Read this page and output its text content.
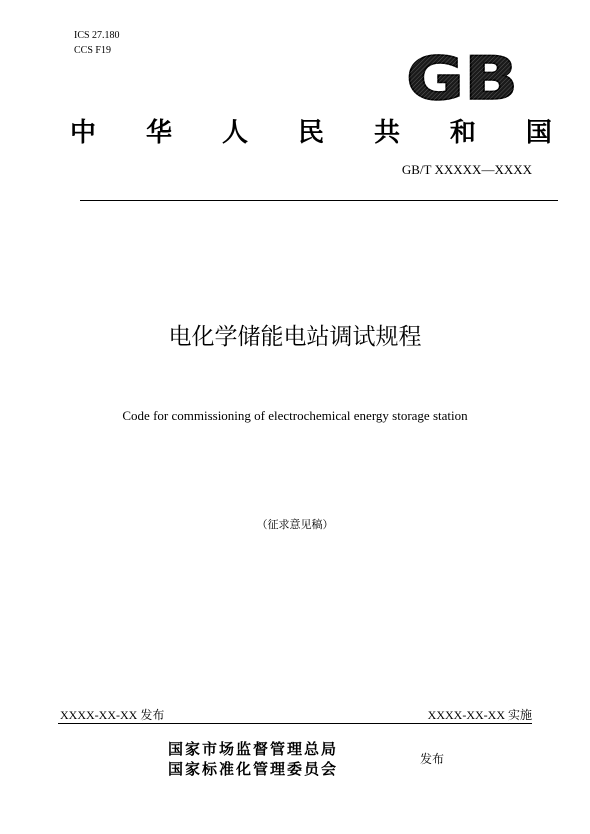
ICS 27.180
CCS F19	GB
中 华 人 民 共 和 国
GB/T XXXXX—XXXX
电化学储能电站调试规程
Code for commissioning of electrochemical energy storage station
（征求意见稿）
XXXX-XX-XX 发布	XXXX-XX-XX 实施
国家市场监督管理总局
国家标准化管理委员会
发布
